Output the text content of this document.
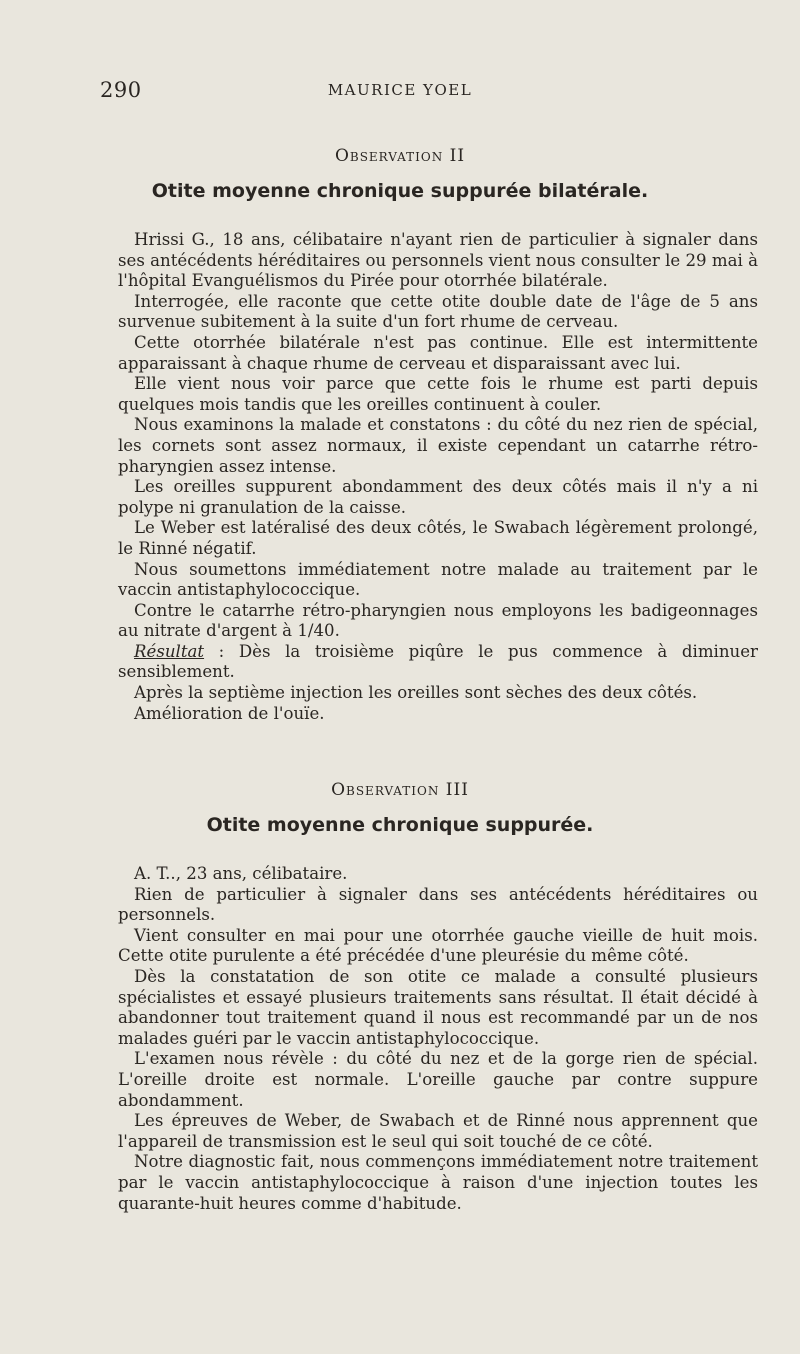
290	MAURICE YOEL
Observation II
Otite moyenne chronique suppurée bilatérale.

Hrissi G., 18 ans, célibataire n'ayant rien de particulier à signaler dans ses antécédents héréditaires ou personnels vient nous consulter le 29 mai à l'hôpital Evanguélismos du Pirée pour otorrhée bilatérale.

Interrogée, elle raconte que cette otite double date de l'âge de 5 ans survenue subitement à la suite d'un fort rhume de cerveau.

Cette otorrhée bilatérale n'est pas continue. Elle est intermittente apparaissant à chaque rhume de cerveau et disparaissant avec lui.

Elle vient nous voir parce que cette fois le rhume est parti depuis quelques mois tandis que les oreilles continuent à couler.

Nous examinons la malade et constatons : du côté du nez rien de spécial, les cornets sont assez normaux, il existe cependant un catarrhe rétro-pharyngien assez intense.

Les oreilles suppurent abondamment des deux côtés mais il n'y a ni polype ni granulation de la caisse.

Le Weber est latéralisé des deux côtés, le Swabach légèrement prolongé, le Rinné négatif.

Nous soumettons immédiatement notre malade au traitement par le vaccin antistaphylococcique.

Contre le catarrhe rétro-pharyngien nous employons les badigeonnages au nitrate d'argent à 1/40.

Résultat : Dès la troisième piqûre le pus commence à diminuer sensiblement.

Après la septième injection les oreilles sont sèches des deux côtés.

Amélioration de l'ouïe.

Observation III
Otite moyenne chronique suppurée.

A. T.., 23 ans, célibataire.

Rien de particulier à signaler dans ses antécédents héréditaires ou personnels.

Vient consulter en mai pour une otorrhée gauche vieille de huit mois. Cette otite purulente a été précédée d'une pleurésie du même côté.

Dès la constatation de son otite ce malade a consulté plusieurs spécialistes et essayé plusieurs traitements sans résultat. Il était décidé à abandonner tout traitement quand il nous est recommandé par un de nos malades guéri par le vaccin antistaphylococcique.

L'examen nous révèle : du côté du nez et de la gorge rien de spécial. L'oreille droite est normale. L'oreille gauche par contre suppure abondamment.

Les épreuves de Weber, de Swabach et de Rinné nous apprennent que l'appareil de transmission est le seul qui soit touché de ce côté.

Notre diagnostic fait, nous commençons immédiatement notre traitement par le vaccin antistaphylococcique à raison d'une injection toutes les quarante-huit heures comme d'habitude.
